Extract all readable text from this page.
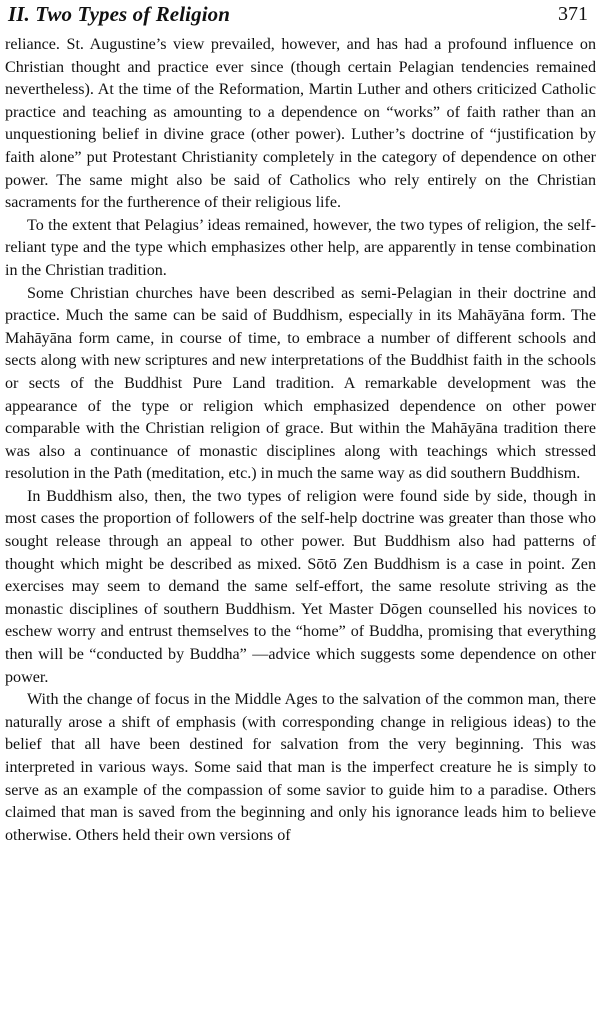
II. Two Types of Religion	371

reliance. St. Augustine’s view prevailed, however, and has had a profound influence on Christian thought and practice ever since (though certain Pelagian tendencies remained nevertheless). At the time of the Reformation, Martin Luther and others criticized Catholic practice and teaching as amounting to a dependence on “works” of faith rather than an unquestioning belief in divine grace (other power). Luther’s doctrine of “justification by faith alone” put Protestant Christianity completely in the category of dependence on other power. The same might also be said of Catholics who rely entirely on the Christian sacraments for the furtherence of their religious life.

To the extent that Pelagius’ ideas remained, however, the two types of religion, the self-reliant type and the type which emphasizes other help, are apparently in tense combination in the Christian tradition.

Some Christian churches have been described as semi-Pelagian in their doctrine and practice. Much the same can be said of Buddhism, especially in its Mahāyāna form. The Mahāyāna form came, in course of time, to embrace a number of different schools and sects along with new scriptures and new interpretations of the Buddhist faith in the schools or sects of the Buddhist Pure Land tradition. A remarkable development was the appearance of the type or religion which emphasized dependence on other power comparable with the Christian religion of grace. But within the Mahāyāna tradition there was also a continuance of monastic disciplines along with teachings which stressed resolution in the Path (meditation, etc.) in much the same way as did southern Buddhism.

In Buddhism also, then, the two types of religion were found side by side, though in most cases the proportion of followers of the self-help doctrine was greater than those who sought release through an appeal to other power. But Buddhism also had patterns of thought which might be described as mixed. Sōtō Zen Buddhism is a case in point. Zen exercises may seem to demand the same self-effort, the same resolute striving as the monastic disciplines of southern Buddhism. Yet Master Dōgen counselled his novices to eschew worry and entrust themselves to the “home” of Buddha, promising that everything then will be “conducted by Buddha” —advice which suggests some dependence on other power.

With the change of focus in the Middle Ages to the salvation of the common man, there naturally arose a shift of emphasis (with corresponding change in religious ideas) to the belief that all have been destined for salvation from the very beginning. This was interpreted in various ways. Some said that man is the imperfect creature he is simply to serve as an example of the compassion of some savior to guide him to a paradise. Others claimed that man is saved from the beginning and only his ignorance leads him to believe otherwise. Others held their own versions of
